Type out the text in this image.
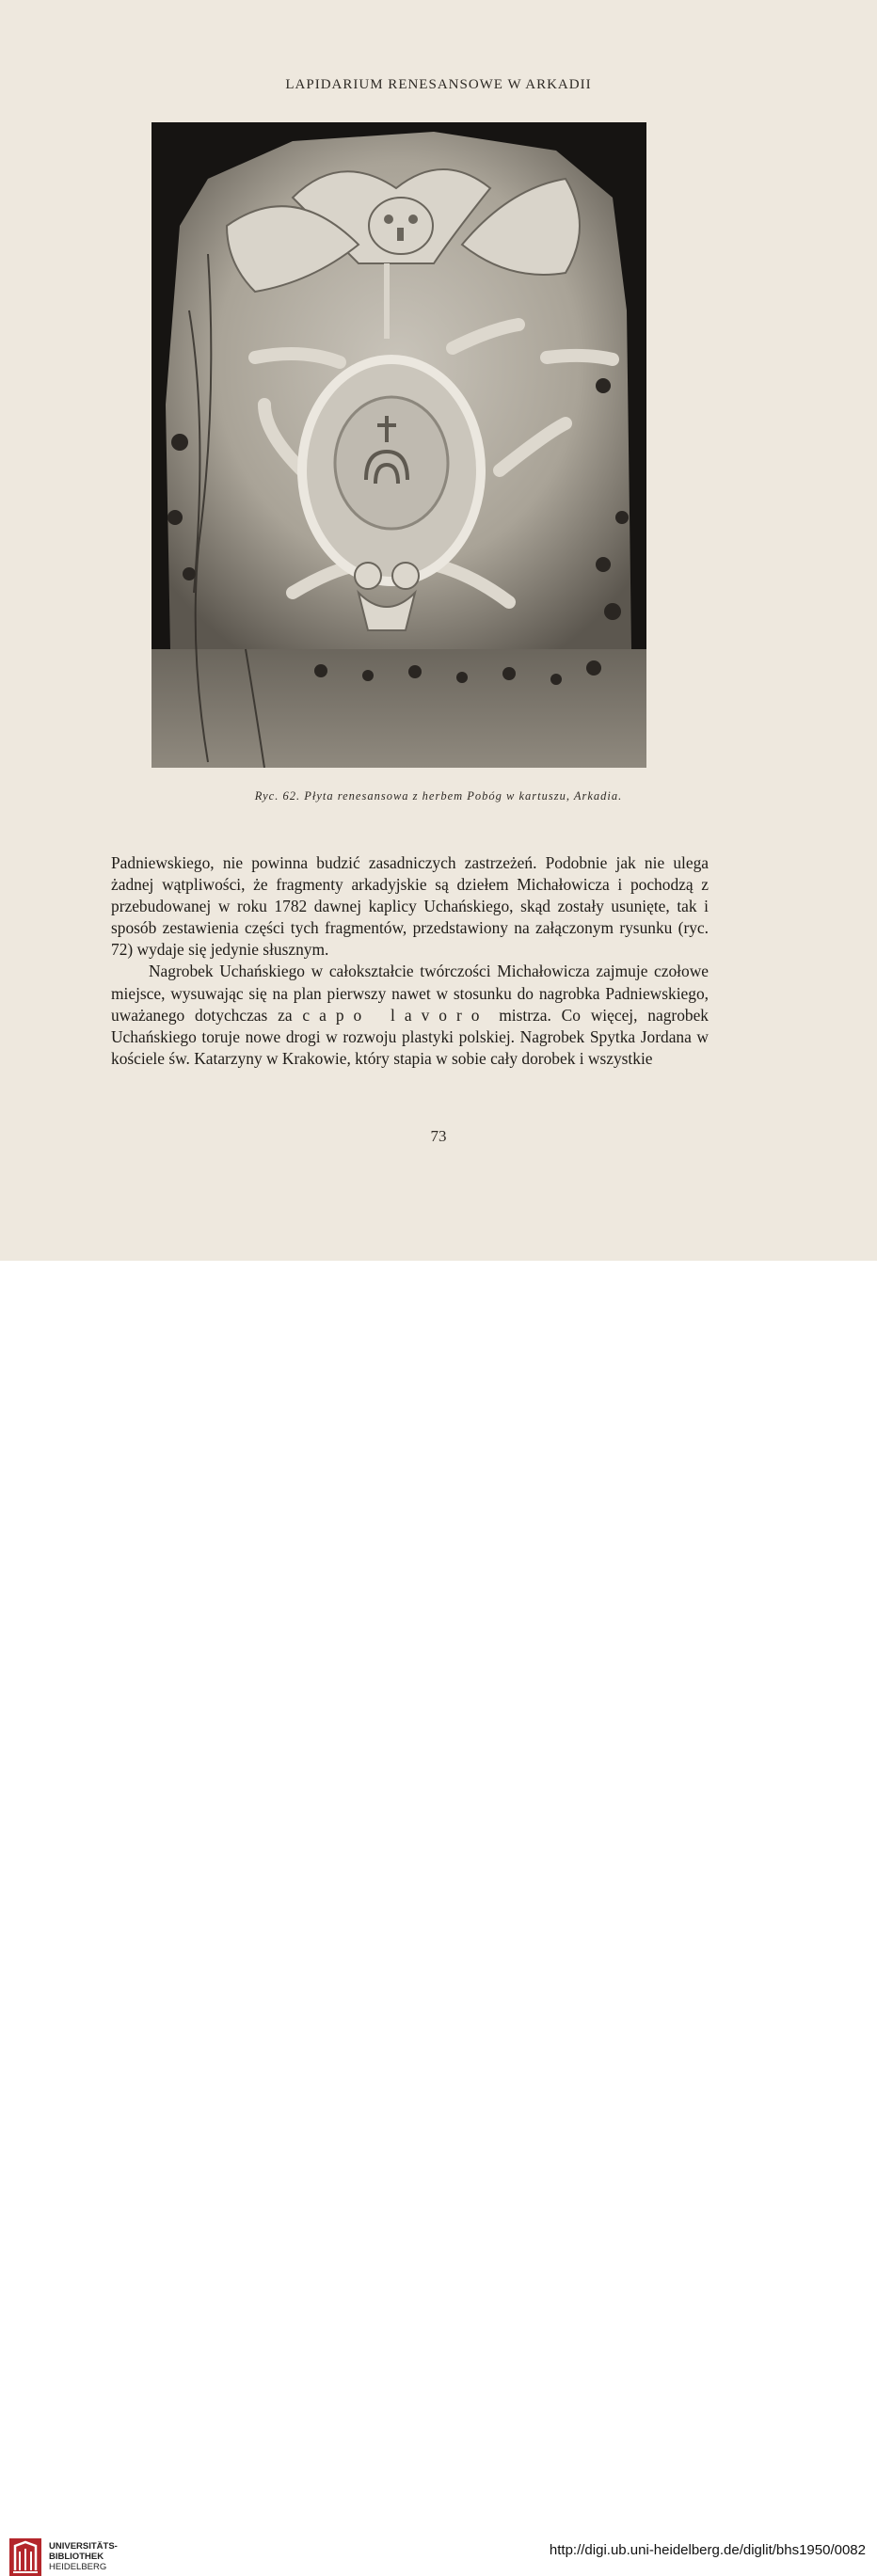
LAPIDARIUM RENESANSOWE W ARKADII
Ryc. 62. Płyta renesansowa z herbem Pobóg w kartuszu, Arkadia.

Padniewskiego, nie powinna budzić zasadniczych zastrzeżeń. Podobnie jak nie ulega żadnej wątpliwości, że fragmenty arkadyjskie są dziełem Michałowicza i pochodzą z przebudowanej w roku 1782 dawnej kaplicy Uchańskiego, skąd zostały usunięte, tak i sposób zestawienia części tych fragmentów, przedstawiony na załączonym rysunku (ryc. 72) wydaje się jedynie słusznym.

Nagrobek Uchańskiego w całokształcie twórczości Michałowicza zajmuje czołowe miejsce, wysuwając się na plan pierwszy nawet w stosunku do nagrobka Padniewskiego, uważanego dotychczas za capo lavoro mistrza. Co więcej, nagrobek Uchańskiego toruje nowe drogi w rozwoju plastyki polskiej. Nagrobek Spytka Jordana w kościele św. Katarzyny w Krakowie, który stapia w sobie cały dorobek i wszystkie

73
UNIVERSITÄTS-
BIBLIOTHEK
HEIDELBERG
http://digi.ub.uni-heidelberg.de/diglit/bhs1950/0082
